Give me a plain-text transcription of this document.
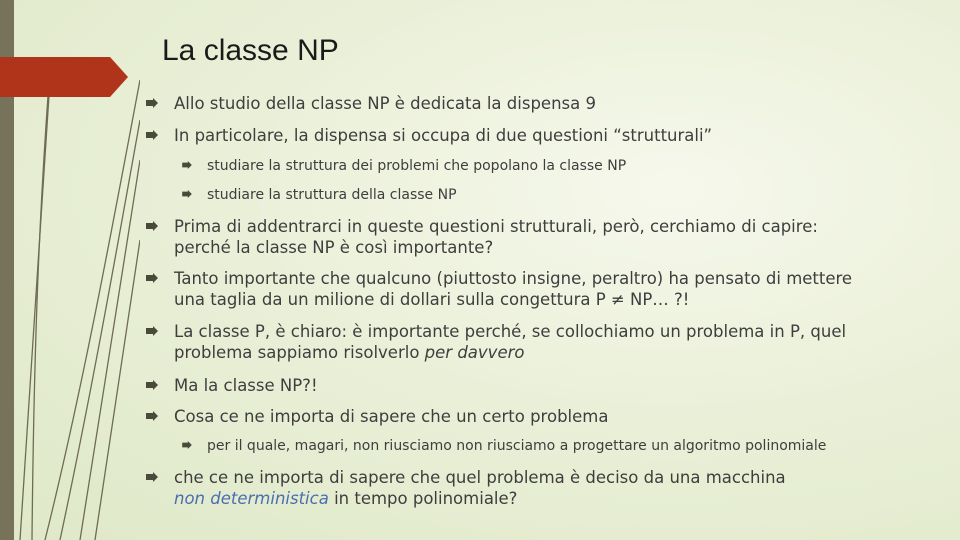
La classe NP
Allo studio della classe NP è dedicata la dispensa 9
In particolare, la dispensa si occupa di due questioni “strutturali”
studiare la struttura dei problemi che popolano la classe NP
studiare la struttura della classe NP
Prima di addentrarci in queste questioni strutturali, però, cerchiamo di capire:
perché la classe NP è così importante?
Tanto importante che qualcuno (piuttosto insigne, peraltro) ha pensato di mettere
una taglia da un milione di dollari sulla congettura P ≠ NP… ?!
La classe P, è chiaro: è importante perché, se collochiamo un problema in P, quel
problema sappiamo risolverlo per davvero
Ma la classe NP?!
Cosa ce ne importa di sapere che un certo problema
per il quale, magari, non riusciamo non riusciamo a progettare un algoritmo polinomiale
che ce ne importa di sapere che quel problema è deciso da una macchina
non deterministica in tempo polinomiale?
